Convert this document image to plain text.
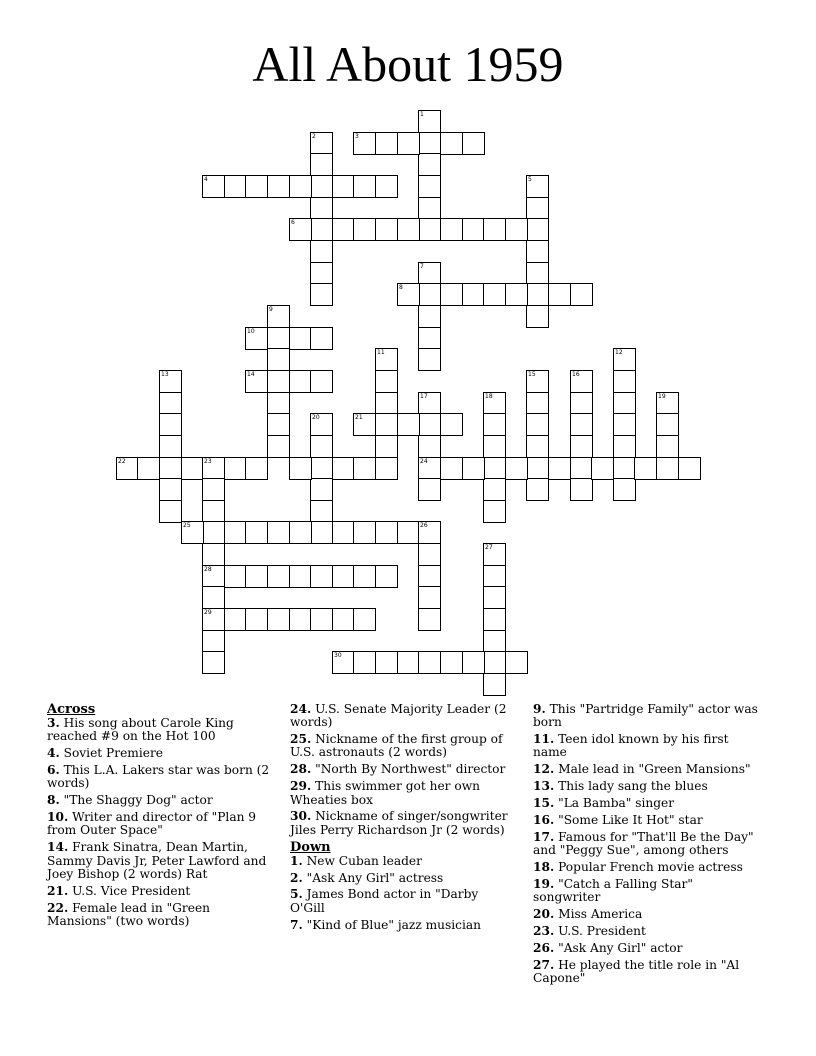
All About 1959
1
2	3
4	5
6
7
8
9
10
14
11	12
13	15	16
17
24
18	19
20	21
22	23
28
29
25	26
27
30
Across
3. His song about Carole King reached #9 on the Hot 100
4. Soviet Premiere
6. This L.A. Lakers star was born (2 words)
8. "The Shaggy Dog" actor
10. Writer and director of "Plan 9 from Outer Space"
14. Frank Sinatra, Dean Martin, Sammy Davis Jr, Peter Lawford and Joey Bishop (2 words) Rat
21. U.S. Vice President
22. Female lead in "Green Mansions" (two words)
24. U.S. Senate Majority Leader (2 words)
25. Nickname of the first group of U.S. astronauts (2 words)
28. "North By Northwest" director
29. This swimmer got her own Wheaties box
30. Nickname of singer/songwriter Jiles Perry Richardson Jr (2 words)
Down
1. New Cuban leader
2. "Ask Any Girl" actress
5. James Bond actor in "Darby O'Gill
7. "Kind of Blue" jazz musician
9. This "Partridge Family" actor was born
11. Teen idol known by his first name
12. Male lead in "Green Mansions"
13. This lady sang the blues
15. "La Bamba" singer
16. "Some Like It Hot" star
17. Famous for "That'll Be the Day" and "Peggy Sue", among others
18. Popular French movie actress
19. "Catch a Falling Star" songwriter
20. Miss America
23. U.S. President
26. "Ask Any Girl" actor
27. He played the title role in "Al Capone"
